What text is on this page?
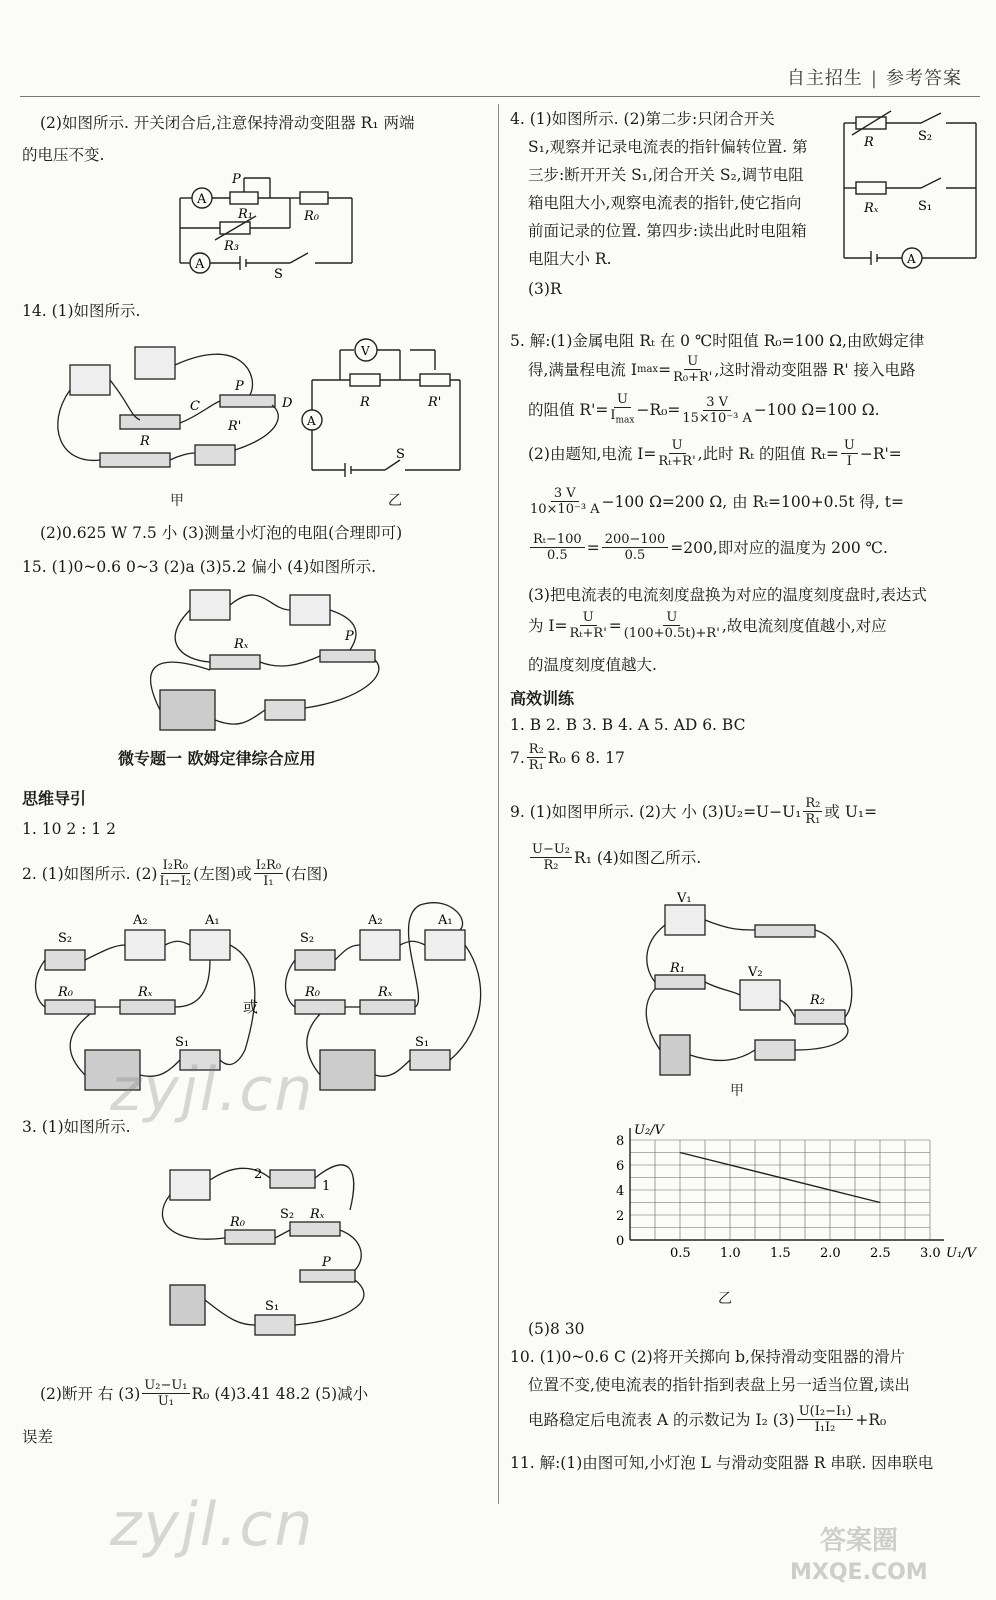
自主招生 | 参考答案
(2)如图所示. 开关闭合后,注意保持滑动变阻器 R₁ 两端
的电压不变.
A
P
R₁	R₀
R₃
A
S
14. (1)如图所示.
C
P
D
R'
R
甲
V
R	R'
A
S
乙
(2)0.625 W 7.5 小 (3)测量小灯泡的电阻(合理即可)
15. (1)0~0.6 0~3 (2)a (3)5.2 偏小 (4)如图所示.
Rₓ
P
微专题一 欧姆定律综合应用
思维导引
1. 10 2 : 1 2
2. (1)如图所示. $(2) \frac{\text{I₂R₀}}{\text{I₁−I₂}}$ (左图)或 $\frac{\text{I₂R₀}}{\text{I₁}}$ (右图)
S₂
A₂	A₁
R₀	Rₓ
S₁
或
S₂
A₂	A₁
R₀	Rₓ
S₁
3. (1)如图所示.
2
1
S₂ Rₓ
R₀
P
S₁
(2)断开 右 $(3) \frac{\text{U₂−U₁}}{\text{U₁}} R_0$ (4)3.41 48.2 (5)减小
误差
4. (1)如图所示. (2)第二步:只闭合开关
S₁,观察并记录电流表的指针偏转位置. 第
三步:断开开关 S₁,闭合开关 S₂,调节电阻
箱电阻大小,观察电流表的指针,使它指向
前面记录的位置. 第四步:读出此时电阻箱
电阻大小 R.
(3)R
R	S₂
Rₓ	S₁
A
5. 解:(1)金属电阻 Rₜ 在 0 ℃时阻值 R₀=100 Ω,由欧姆定律
得,满量程电流 I $\max = \frac{U}{\text{R₀+R'}}$ ,这时滑动变阻器 R' 接入电路
的阻值 R'=
U
$I_{max}$
$-R_0= \frac{3 V}{\text{15×10⁻³ A}} -100$ Ω=100 Ω.
(2)由题知,电流 $I= \frac{U}{\text{Rₜ+R'}}$ ,此时 Rₜ 的阻值 $R_t= \frac{U}{I} -R'=$
$\frac{3 V}{\text{10×10⁻³ A}} -100$ Ω=200 Ω, 由 Rₜ=100+0.5t 得, t=
$\frac{\text{Rₜ−100}}{0.5} = \frac{200-100}{0.5} =200$,即对应的温度为 200 ℃.
(3)把电流表的电流刻度盘换为对应的温度刻度盘时,表达式
为 $I= \frac{U}{\text{Rₜ+R'}} = \frac{U}{(100+0.5t)+R'}$ ,故电流刻度值越小,对应
的温度刻度值越大.
高效训练
1. B 2. B 3. B 4. A 5. AD 6. BC
7. $\frac{\text{R₂}}{\text{R₁}} R_0$ 6 8. 17
9. (1)如图甲所示. (2)大 小 $(3)U_2=U-U_1 \frac{\text{R₂}}{\text{R₁}}$ 或 U₁=
$\frac{\text{U−U₂}}{\text{R₂}} R_1$ (4)如图乙所示.
V₁
R₁	V₂
R₂
甲
0.5 1.0 1.5 2.0 2.5 3.0
0
2
4
6
8
U₂/V
U₁/V
乙
(5)8 30
10. (1)0~0.6 C (2)将开关掷向 b,保持滑动变阻器的滑片
位置不变,使电流表的指针指到表盘上另一适当位置,读出
电路稳定后电流表 A 的示数记为 I₂ $(3) \frac{\text{U(I₂−I₁)}}{\text{I₁I₂}} +R_0$
11. 解:(1)由图可知,小灯泡 L 与滑动变阻器 R 串联. 因串联电
zyjl.cn
zyjl.cn	答案圈
MXQE.COM
